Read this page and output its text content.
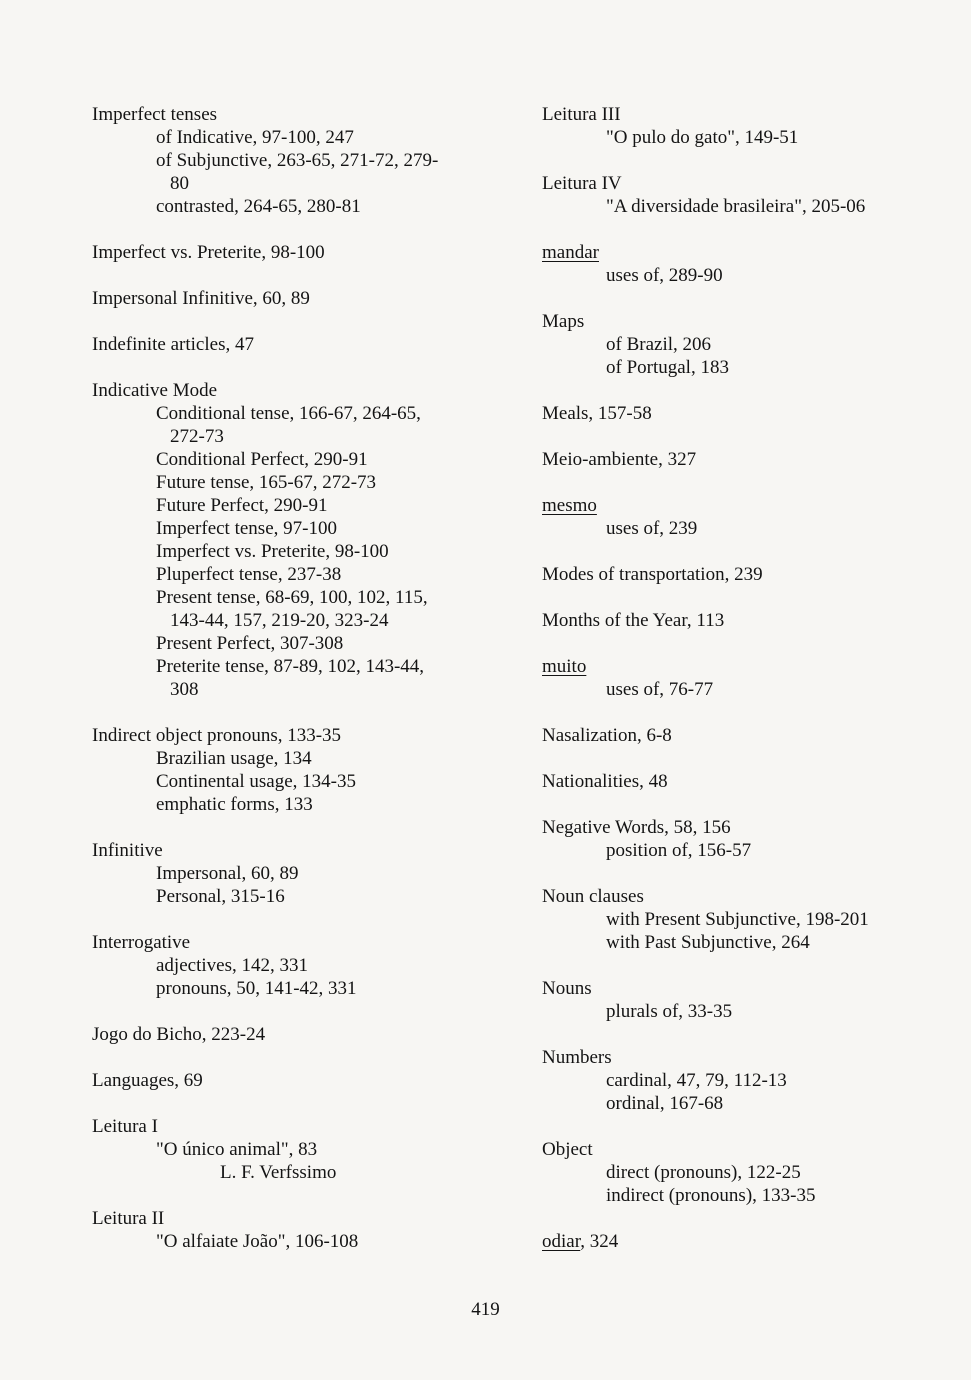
Imperfect tenses
of Indicative, 97-100, 247
of Subjunctive, 263-65, 271-72, 279-
80
contrasted, 264-65, 280-81
Imperfect vs. Preterite, 98-100
Impersonal Infinitive, 60, 89
Indefinite articles, 47
Indicative Mode
Conditional tense, 166-67, 264-65,
272-73
Conditional Perfect, 290-91
Future tense, 165-67, 272-73
Future Perfect, 290-91
Imperfect tense, 97-100
Imperfect vs. Preterite, 98-100
Pluperfect tense, 237-38
Present tense, 68-69, 100, 102, 115,
143-44, 157, 219-20, 323-24
Present Perfect, 307-308
Preterite tense, 87-89, 102, 143-44,
308
Indirect object pronouns, 133-35
Brazilian usage, 134
Continental usage, 134-35
emphatic forms, 133
Infinitive
Impersonal, 60, 89
Personal, 315-16
Interrogative
adjectives, 142, 331
pronouns, 50, 141-42, 331
Jogo do Bicho, 223-24
Languages, 69
Leitura I
"O único animal", 83
L. F. Verfssimo
Leitura II
"O alfaiate João", 106-108
Leitura III
"O pulo do gato", 149-51
Leitura IV
"A diversidade brasileira", 205-06
mandar
uses of, 289-90
Maps
of Brazil, 206
of Portugal, 183
Meals, 157-58
Meio-ambiente, 327
mesmo
uses of, 239
Modes of transportation, 239
Months of the Year, 113
muito
uses of, 76-77
Nasalization, 6-8
Nationalities, 48
Negative Words, 58, 156
position of, 156-57
Noun clauses
with Present Subjunctive, 198-201
with Past Subjunctive, 264
Nouns
plurals of, 33-35
Numbers
cardinal, 47, 79, 112-13
ordinal, 167-68
Object
direct (pronouns), 122-25
indirect (pronouns), 133-35
odiar, 324
419
